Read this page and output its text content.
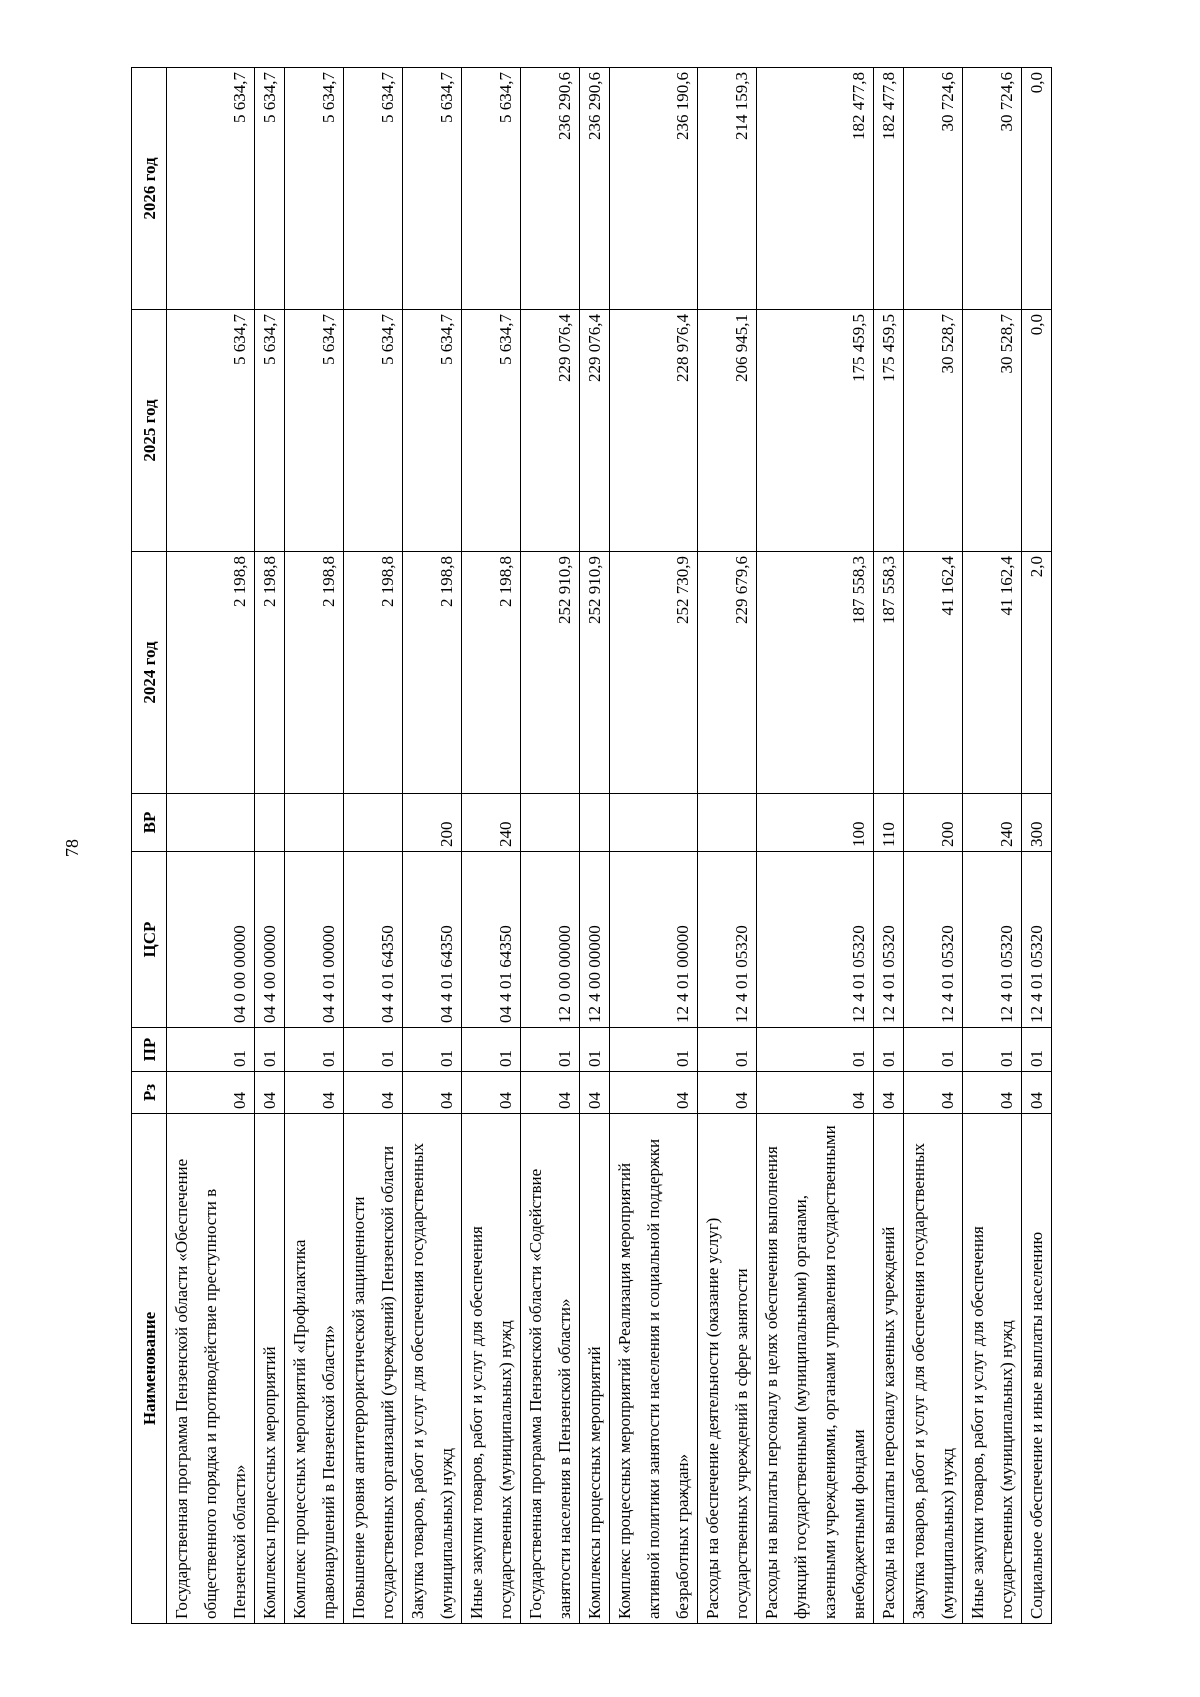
78
Наименование	Рз	ПР	ЦСР	ВР	2024 год	2025 год	2026 год
Государственная программа Пензенской области «Обеспечение общественного порядка и противодействие преступности в Пензенской области»	04	01	04 0 00 00000		2 198,8	5 634,7	5 634,7
Комплексы процессных мероприятий	04	01	04 4 00 00000		2 198,8	5 634,7	5 634,7
Комплекс процессных мероприятий «Профилактика правонарушений в Пензенской области»	04	01	04 4 01 00000		2 198,8	5 634,7	5 634,7
Повышение уровня антитеррористической защищенности государственных организаций (учреждений) Пензенской области	04	01	04 4 01 64350		2 198,8	5 634,7	5 634,7
Закупка товаров, работ и услуг для обеспечения государственных (муниципальных) нужд	04	01	04 4 01 64350	200	2 198,8	5 634,7	5 634,7
Иные закупки товаров, работ и услуг для обеспечения государственных (муниципальных) нужд	04	01	04 4 01 64350	240	2 198,8	5 634,7	5 634,7
Государственная программа Пензенской области «Содействие занятости населения в Пензенской области»	04	01	12 0 00 00000		252 910,9	229 076,4	236 290,6
Комплексы процессных мероприятий	04	01	12 4 00 00000		252 910,9	229 076,4	236 290,6
Комплекс процессных мероприятий «Реализация мероприятий активной политики занятости населения и социальной поддержки безработных граждан»	04	01	12 4 01 00000		252 730,9	228 976,4	236 190,6
Расходы на обеспечение деятельности (оказание услуг) государственных учреждений в сфере занятости	04	01	12 4 01 05320		229 679,6	206 945,1	214 159,3
Расходы на выплаты персоналу в целях обеспечения выполнения функций государственными (муниципальными) органами, казенными учреждениями, органами управления государственными внебюджетными фондами	04	01	12 4 01 05320	100	187 558,3	175 459,5	182 477,8
Расходы на выплаты персоналу казенных учреждений	04	01	12 4 01 05320	110	187 558,3	175 459,5	182 477,8
Закупка товаров, работ и услуг для обеспечения государственных (муниципальных) нужд	04	01	12 4 01 05320	200	41 162,4	30 528,7	30 724,6
Иные закупки товаров, работ и услуг для обеспечения государственных (муниципальных) нужд	04	01	12 4 01 05320	240	41 162,4	30 528,7	30 724,6
Социальное обеспечение и иные выплаты населению	04	01	12 4 01 05320	300	2,0	0,0	0,0
